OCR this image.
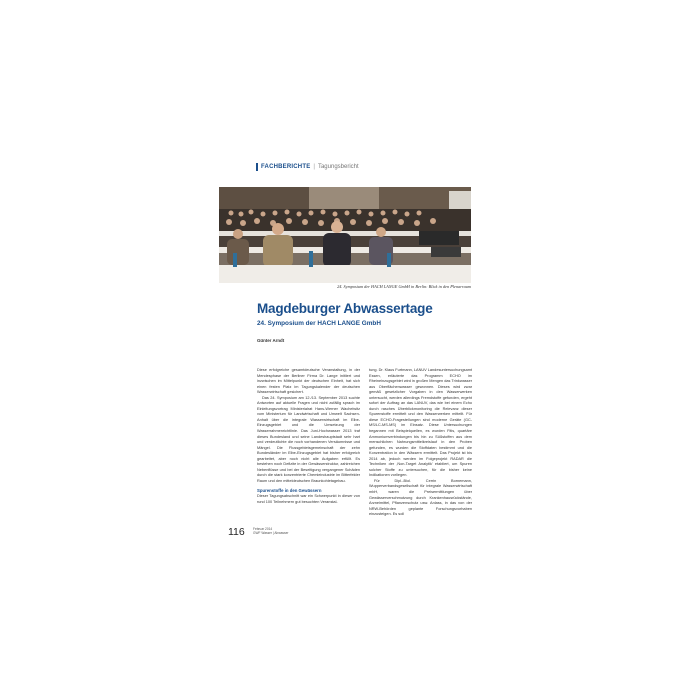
FACHBERICHTE | Tagungsbericht
24. Symposium der HACH LANGE GmbH in Berlin: Blick in den Plenarraum
Magdeburger Abwassertage
24. Symposium der HACH LANGE GmbH
Günter Arndt

Diese erfolgreiche gesamtdeutsche Veranstaltung, in der Mendesphase der Berliner Firma Dr. Lange initiiert und inzwischen im Mittelpunkt der deutschen Einheit, hat sich einen festen Platz im Tagungskalender der deutschen Wasserwirtschaft gesichert.

Das 24. Symposium am 12./13. September 2013 suchte Antworten auf aktuelle Fragen und nicht zufällig sprach im Einleitungsvortrag Ministerialrat Hans-Werner Wachelwitz vom Ministerium für Landwirtschaft und Umwelt Sachsen-Anhalt über die integrale Wasserwirtschaft im Elbe-Einzugsgebiet und die Umsetzung der Wasserrahmenrichtlinie. Das Juni-Hochwasser 2013 traf dieses Bundesland und seine Landeshauptstadt sehr hart und verdeutlichte die noch vorhandenen Versäumnisse und Mängel. Die Flussgebietsgemeinschaft der zehn Bundesländer im Elbe-Einzugsgebiet hat bisher erfolgreich gearbeitet, aber noch nicht alle Aufgaben erfüllt. Es bestehen noch Defizite in der Gewässerstruktur, zahlreichen Nebenflüsse und bei der Beseitigung vergangener Schäden durch die stark konzentrierte Chemieindustrie im Bitterfelder Raum und den mitteldeutschen Braunkohletagebau.

Spurenstoffe in den Gewässern

Dieser Tagungsabschnitt war ein Schwerpunkt in dieser von rund 100 Teilnehmern gut besuchten Veranstal-

tung. Dr. Klaus Furtmann, LANUV Landesuntersuchungsamt Essen, erläuterte das Programm ECHO im Rheineinzugsgebiet wird in großen Mengen das Trinkwasser aus Oberflächenwasser gewonnen. Dieses wird zwar gemäß gesetzlicher Vorgaben in den Wasserwerken untersucht, werden allerdings Fremdstoffe gefunden, ergeht sofort der Auftrag an das LANUV, das wie bei einem Echo durch rasches Überblickmonitoring die Relevanz dieser Spurenstoffe ermittelt und den Wasserwerken mitteilt. Für diese ECHO-Fragestellungen sind moderne Geräte (GC-MS/LC-MS-MS) im Einsatz. Diese Untersuchungen begannen mit Beispielquellen, es wurden Fitis, quartäre Ammoniumverbindungen bis hin zu Süßstoffen aus dem menschlichen Nahrungsmittelkreislauf in den Proben gefunden, es wurden die Stoffdaten bestimmt und die Konzentration in den Wässern ermittelt. Das Projekt ist bis 2014 ab, jedoch werden im Folgeprojekt RADAR die Techniken der ‚Non-Target Analytik' etabliert, um Spuren solcher Stoffe zu untersuchen, für die bisher keine Indikationen vorliegen.

Für Dipl.-Biol. Cerrin Bornemann, Wupperverbandsgesellschaft für integrale Wasserwirtschaft mbH, waren die Preisermittlungen über Gewässerverschmutzung durch Krankenhausrückstände, Arzneimittel, Pflanzenschutz usw. Anlass, in das von der NRW-Behörden geplante Forschungsvorhaben einzusteigen. Es soll

116	Februar 2014
GWF Wasser | Abwasser
